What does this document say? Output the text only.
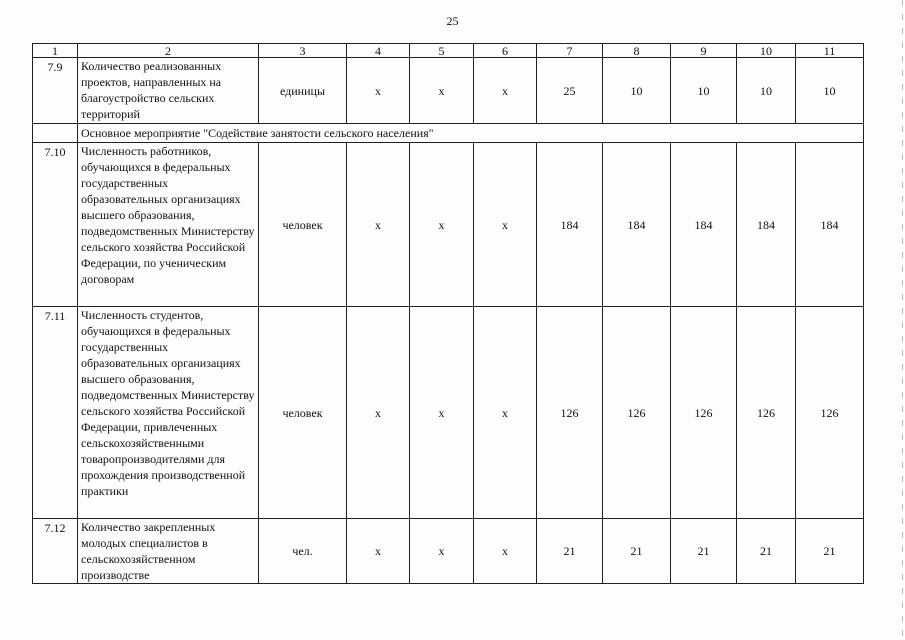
25
1	2	3	4	5	6	7	8	9	10	11
7.9	Количество реализованных проектов, направленных на благоустройство сельских территорий	единицы	x	x	x	25	10	10	10	10
	Основное мероприятие "Содействие занятости сельского населения"									
7.10	Численность работников, обучающихся в федеральных государственных образовательных организациях высшего образования, подведомственных Министерству сельского хозяйства Российской Федерации, по ученическим договорам	человек	x	x	x	184	184	184	184	184
7.11	Численность студентов, обучающихся в федеральных государственных образовательных организациях высшего образования, подведомственных Министерству сельского хозяйства Российской Федерации, привлеченных сельскохозяйственными товаропроизводителями для прохождения производственной практики	человек	x	x	x	126	126	126	126	126
7.12	Количество закрепленных молодых специалистов в сельскохозяйственном производстве	чел.	x	x	x	21	21	21	21	21
